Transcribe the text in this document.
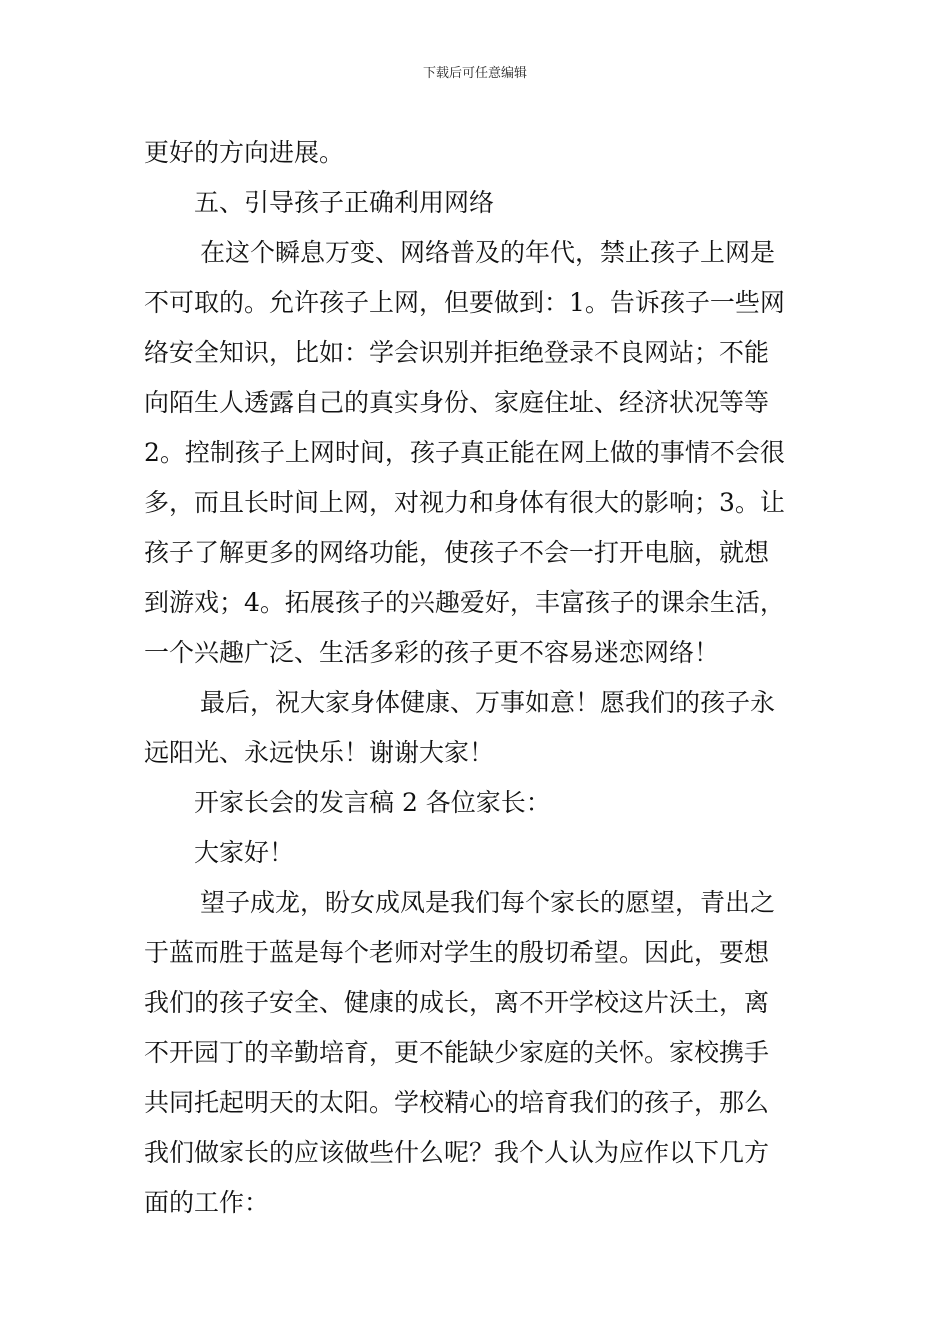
下载后可任意编辑
更好的方向进展。
五、引导孩子正确利用网络
在这个瞬息万变、网络普及的年代，禁止孩子上网是
不可取的。允许孩子上网，但要做到：1。告诉孩子一些网
络安全知识，比如：学会识别并拒绝登录不良网站；不能
向陌生人透露自己的真实身份、家庭住址、经济状况等等
2。控制孩子上网时间，孩子真正能在网上做的事情不会很
多，而且长时间上网，对视力和身体有很大的影响；3。让
孩子了解更多的网络功能，使孩子不会一打开电脑，就想
到游戏；4。拓展孩子的兴趣爱好，丰富孩子的课余生活，
一个兴趣广泛、生活多彩的孩子更不容易迷恋网络！
最后，祝大家身体健康、万事如意！愿我们的孩子永
远阳光、永远快乐！谢谢大家！
开家长会的发言稿 2 各位家长：
大家好！
望子成龙，盼女成凤是我们每个家长的愿望，青出之
于蓝而胜于蓝是每个老师对学生的殷切希望。因此，要想
我们的孩子安全、健康的成长，离不开学校这片沃土，离
不开园丁的辛勤培育，更不能缺少家庭的关怀。家校携手
共同托起明天的太阳。学校精心的培育我们的孩子，那么
我们做家长的应该做些什么呢？我个人认为应作以下几方
面的工作：
